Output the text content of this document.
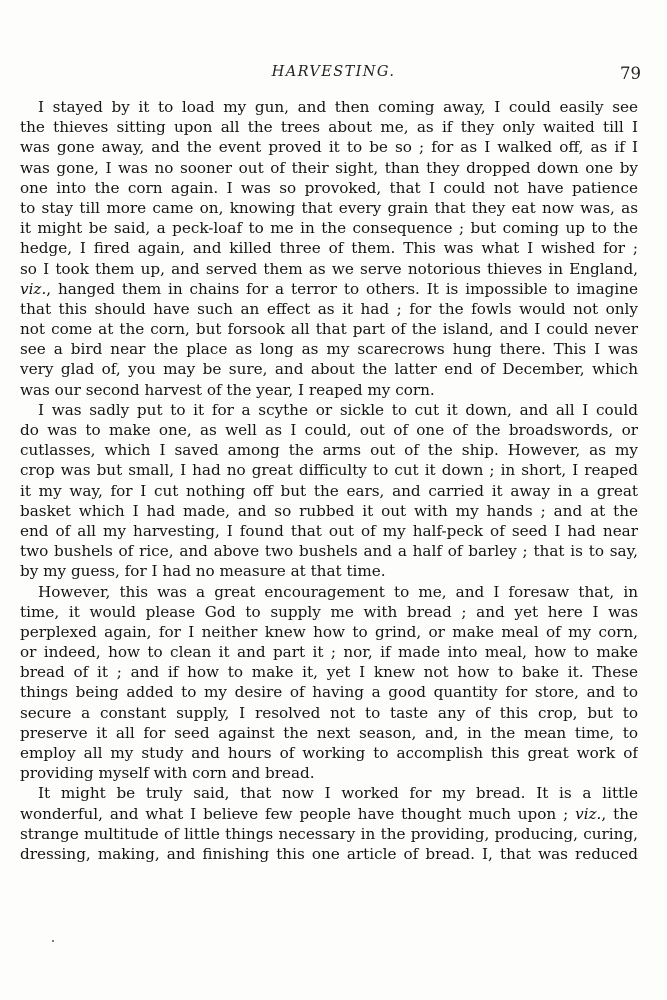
HARVESTING.	79
I stayed by it to load my gun, and then coming away, I could easily see
the thieves sitting upon all the trees about me, as if they only waited till I
was gone away, and the event proved it to be so ; for as I walked off, as if I
was gone, I was no sooner out of their sight, than they dropped down one by
one into the corn again. I was so provoked, that I could not have patience
to stay till more came on, knowing that every grain that they eat now was, as
it might be said, a peck-loaf to me in the consequence ; but coming up to the
hedge, I fired again, and killed three of them. This was what I wished for ;
so I took them up, and served them as we serve notorious thieves in England,
viz., hanged them in chains for a terror to others. It is impossible to imagine
that this should have such an effect as it had ; for the fowls would not only
not come at the corn, but forsook all that part of the island, and I could never
see a bird near the place as long as my scarecrows hung there. This I was
very glad of, you may be sure, and about the latter end of December, which
was our second harvest of the year, I reaped my corn.
I was sadly put to it for a scythe or sickle to cut it down, and all I could
do was to make one, as well as I could, out of one of the broadswords, or
cutlasses, which I saved among the arms out of the ship. However, as my
crop was but small, I had no great difficulty to cut it down ; in short, I reaped
it my way, for I cut nothing off but the ears, and carried it away in a great
basket which I had made, and so rubbed it out with my hands ; and at the
end of all my harvesting, I found that out of my half-peck of seed I had near
two bushels of rice, and above two bushels and a half of barley ; that is to say,
by my guess, for I had no measure at that time.
However, this was a great encouragement to me, and I foresaw that, in
time, it would please God to supply me with bread ; and yet here I was
perplexed again, for I neither knew how to grind, or make meal of my corn,
or indeed, how to clean it and part it ; nor, if made into meal, how to make
bread of it ; and if how to make it, yet I knew not how to bake it. These
things being added to my desire of having a good quantity for store, and to
secure a constant supply, I resolved not to taste any of this crop, but to
preserve it all for seed against the next season, and, in the mean time, to
employ all my study and hours of working to accomplish this great work of
providing myself with corn and bread.
It might be truly said, that now I worked for my bread. It is a little
wonderful, and what I believe few people have thought much upon ; viz., the
strange multitude of little things necessary in the providing, producing, curing,
dressing, making, and finishing this one article of bread. I, that was reduced
